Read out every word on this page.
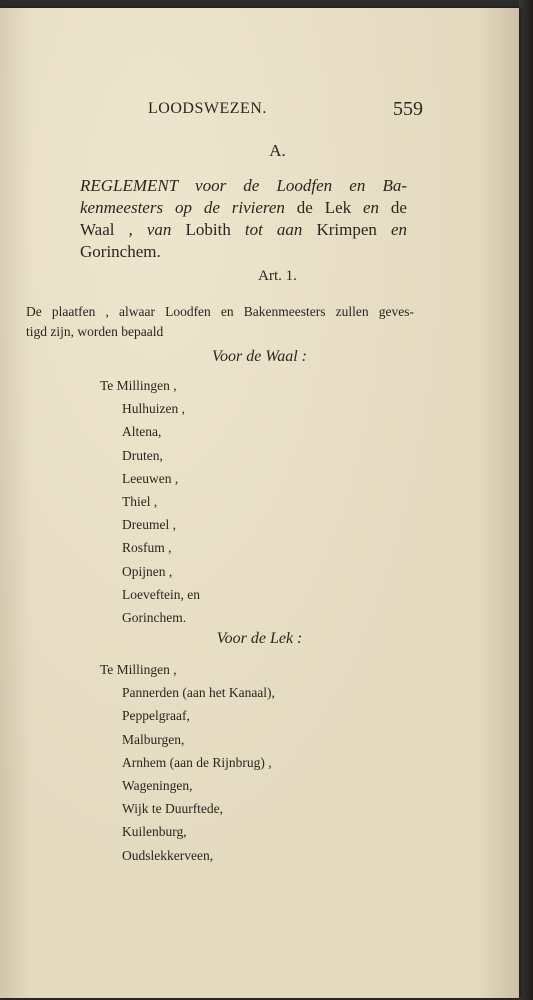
LOODSWEZEN.	559
A.
REGLEMENT voor de Loodfen en Ba-
kenmeesters op de rivieren de Lek en de
Waal , van Lobith tot aan Krimpen en
Gorinchem.
Art. 1.
De plaatfen , alwaar Loodfen en Bakenmeesters zullen geves-
tigd zijn, worden bepaald
Voor de Waal :
Te Millingen ,
Hulhuizen ,
Altena,
Druten,
Leeuwen ,
Thiel ,
Dreumel ,
Rosfum ,
Opijnen ,
Loeveftein, en
Gorinchem.
Voor de Lek :
Te Millingen ,
Pannerden (aan het Kanaal),
Peppelgraaf,
Malburgen,
Arnhem (aan de Rijnbrug) ,
Wageningen,
Wijk te Duurftede,
Kuilenburg,
Oudslekkerveen,
